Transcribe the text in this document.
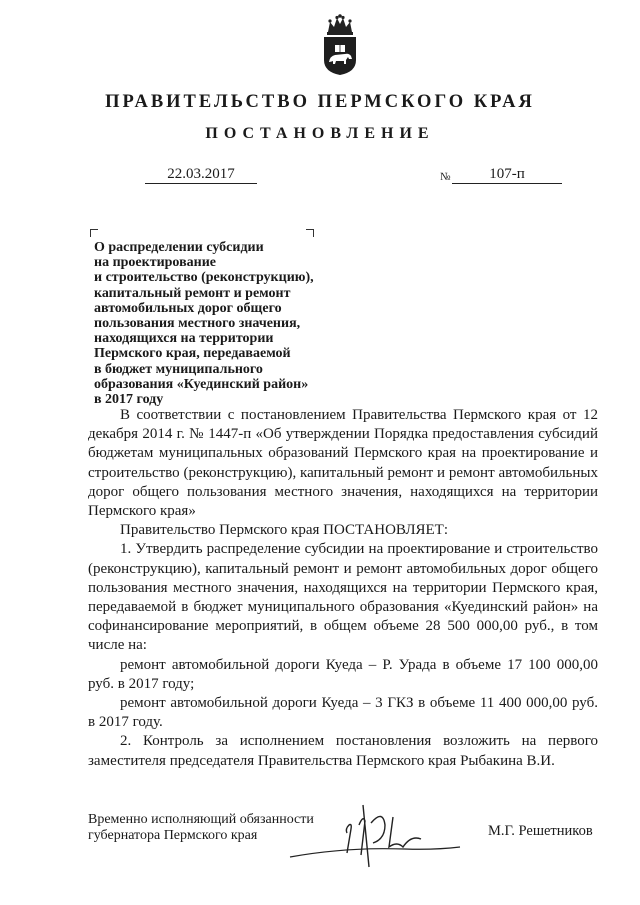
ПРАВИТЕЛЬСТВО ПЕРМСКОГО КРАЯ
ПОСТАНОВЛЕНИЕ
22.03.2017	№	107-п
О распределении субсидии
на проектирование
и строительство (реконструкцию),
капитальный ремонт и ремонт
автомобильных дорог общего
пользования местного значения,
находящихся на территории
Пермского края, передаваемой
в бюджет муниципального
образования «Куединский район»
в 2017 году

В соответствии с постановлением Правительства Пермского края от 12 декабря 2014 г. № 1447-п «Об утверждении Порядка предоставления субсидий бюджетам муниципальных образований Пермского края на проектирование и строительство (реконструкцию), капитальный ремонт и ремонт автомобильных дорог общего пользования местного значения, находящихся на территории Пермского края»

Правительство Пермского края ПОСТАНОВЛЯЕТ:

1. Утвердить распределение субсидии на проектирование и строительство (реконструкцию), капитальный ремонт и ремонт автомобильных дорог общего пользования местного значения, находящихся на территории Пермского края, передаваемой в бюджет муниципального образования «Куединский район» на софинансирование мероприятий, в общем объеме 28 500 000,00 руб., в том числе на:

ремонт автомобильной дороги Куеда – Р. Урада в объеме 17 100 000,00 руб. в 2017 году;

ремонт автомобильной дороги Куеда – 3 ГКЗ в объеме 11 400 000,00 руб. в 2017 году.

2. Контроль за исполнением постановления возложить на первого заместителя председателя Правительства Пермского края Рыбакина В.И.

Временно исполняющий обязанности
губернатора Пермского края	М.Г. Решетников
